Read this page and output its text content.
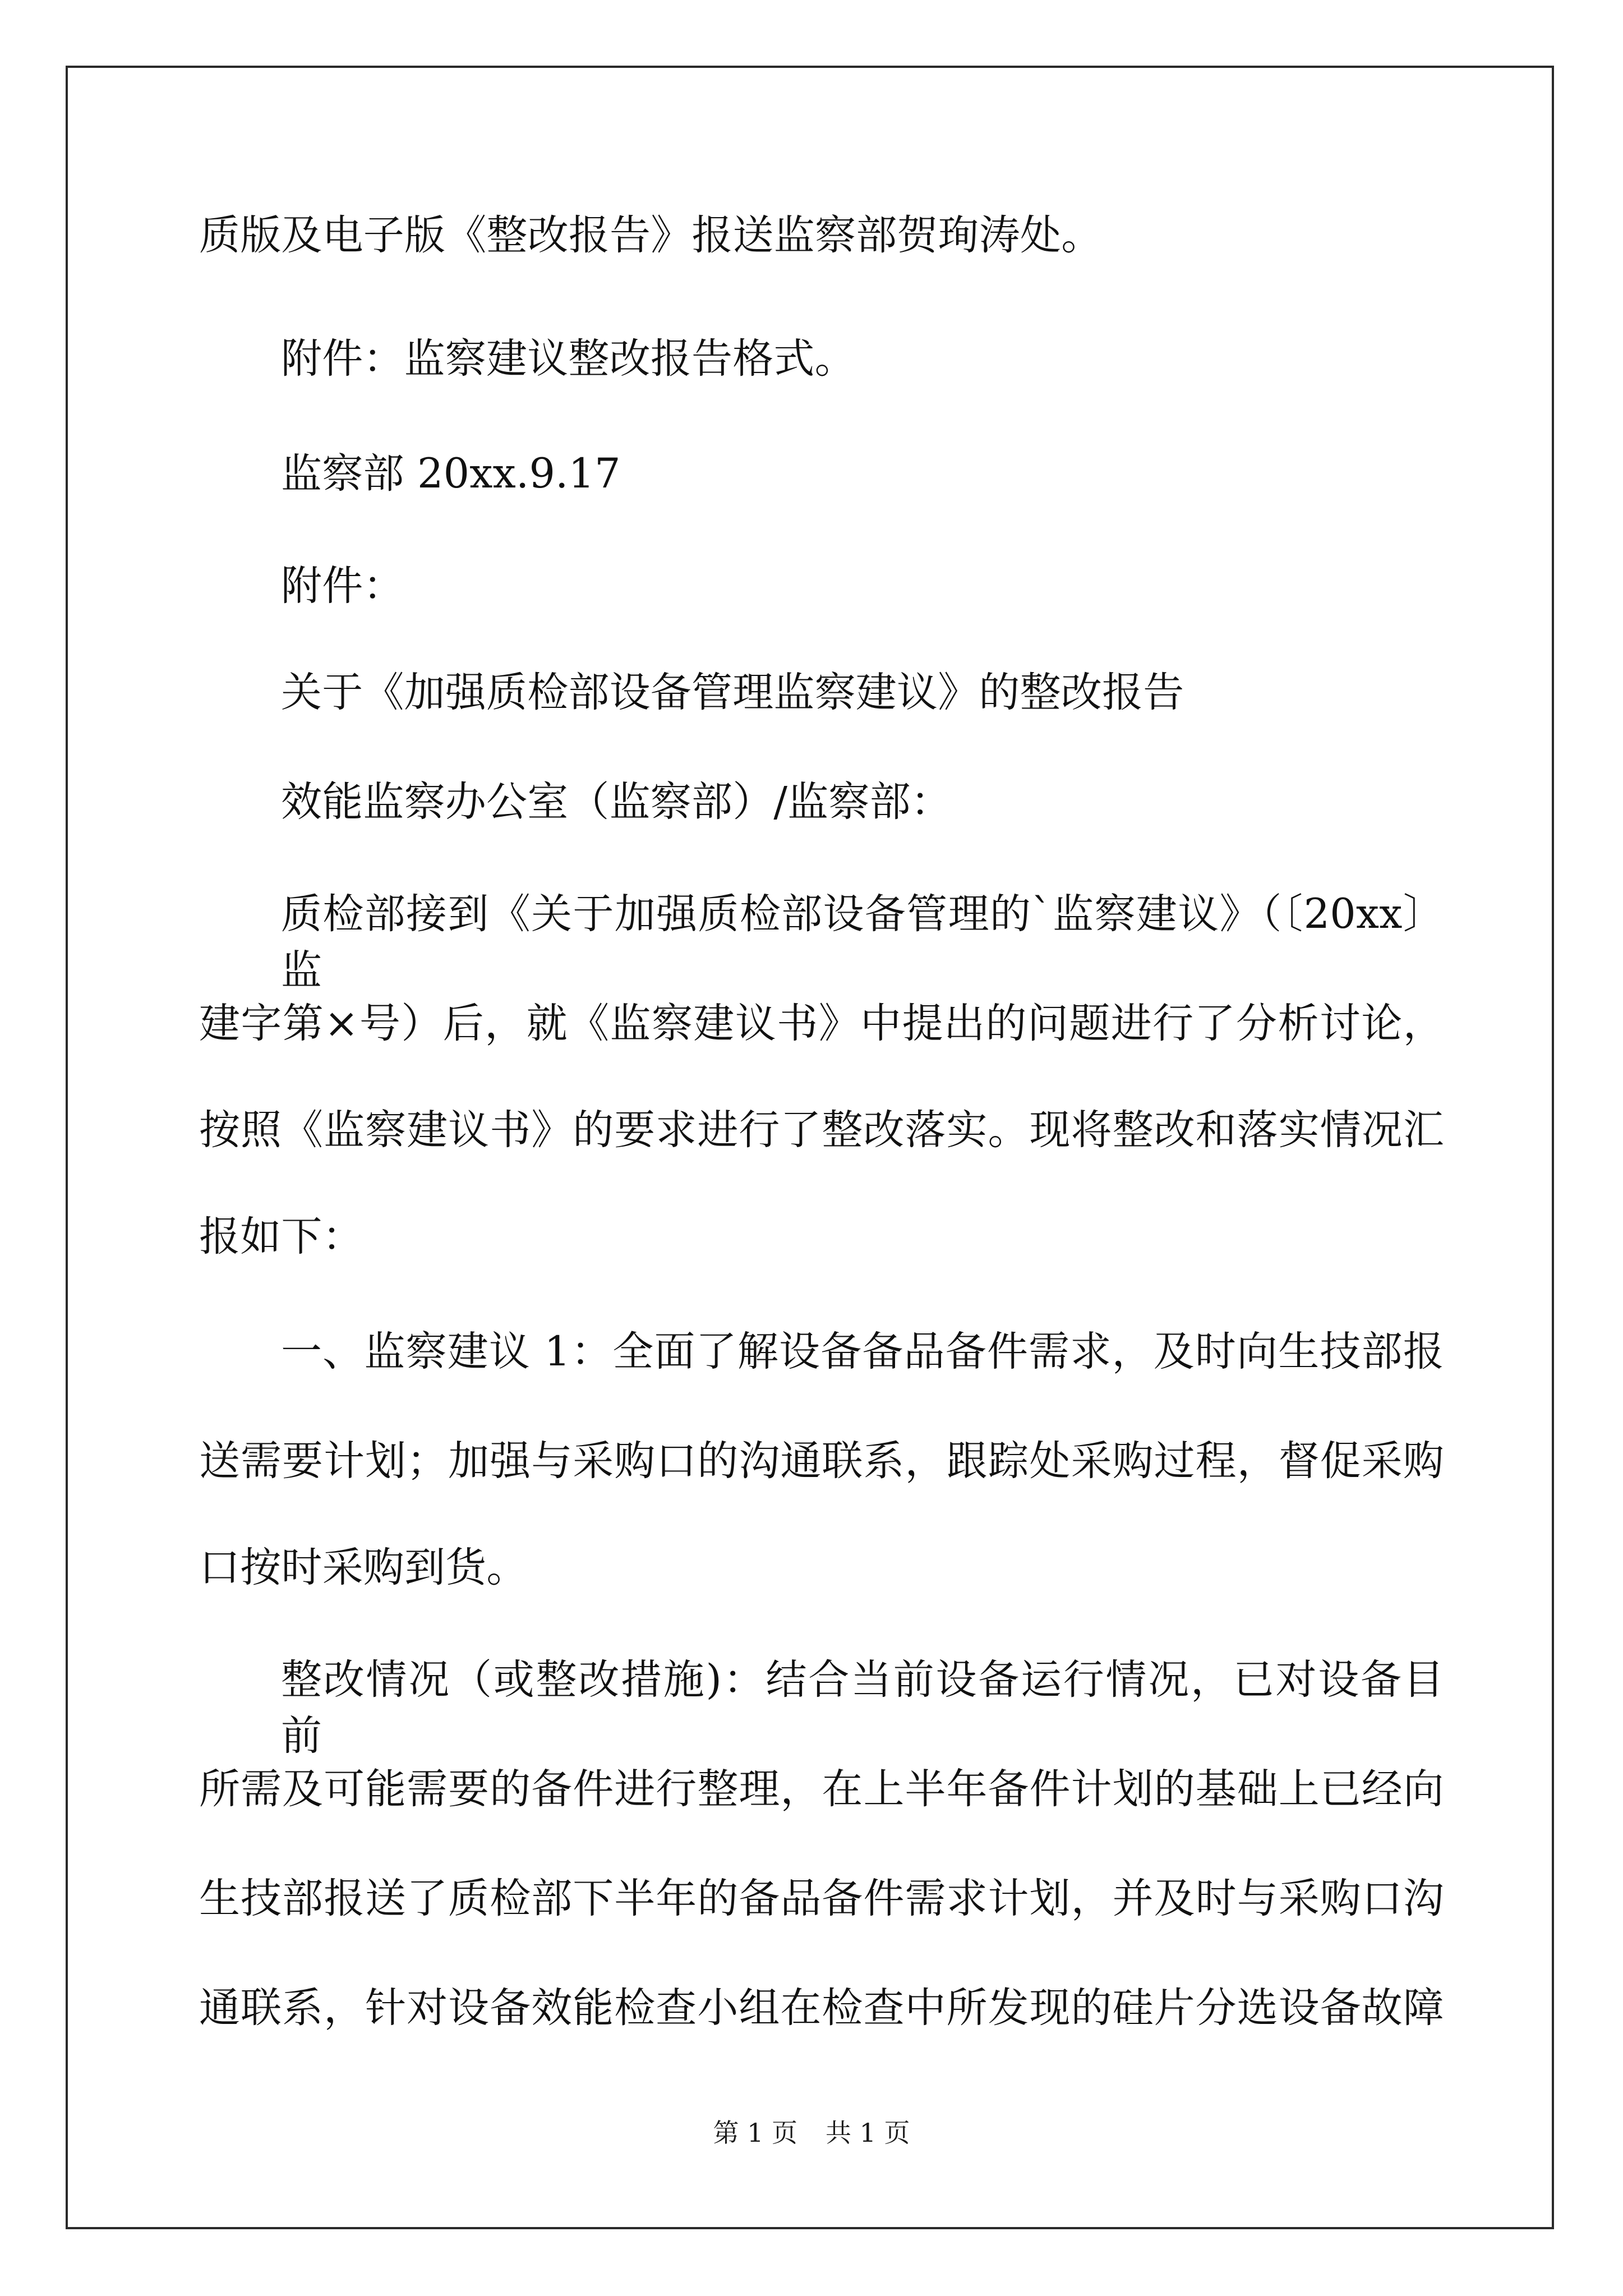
质版及电子版《整改报告》报送监察部贺珣涛处。
附件：监察建议整改报告格式。
监察部 20xx.9.17
附件：
关于《加强质检部设备管理监察建议》的整改报告
效能监察办公室（监察部）/监察部：
质检部接到《关于加强质检部设备管理的`监察建议》（〔20xx〕监
建字第×号）后，就《监察建议书》中提出的问题进行了分析讨论，
按照《监察建议书》的要求进行了整改落实。现将整改和落实情况汇
报如下：
一、监察建议 1：全面了解设备备品备件需求，及时向生技部报
送需要计划；加强与采购口的沟通联系，跟踪处采购过程，督促采购
口按时采购到货。
整改情况（或整改措施)：结合当前设备运行情况，已对设备目前
所需及可能需要的备件进行整理，在上半年备件计划的基础上已经向
生技部报送了质检部下半年的备品备件需求计划，并及时与采购口沟
通联系，针对设备效能检查小组在检查中所发现的硅片分选设备故障
第 1 页 共 1 页
